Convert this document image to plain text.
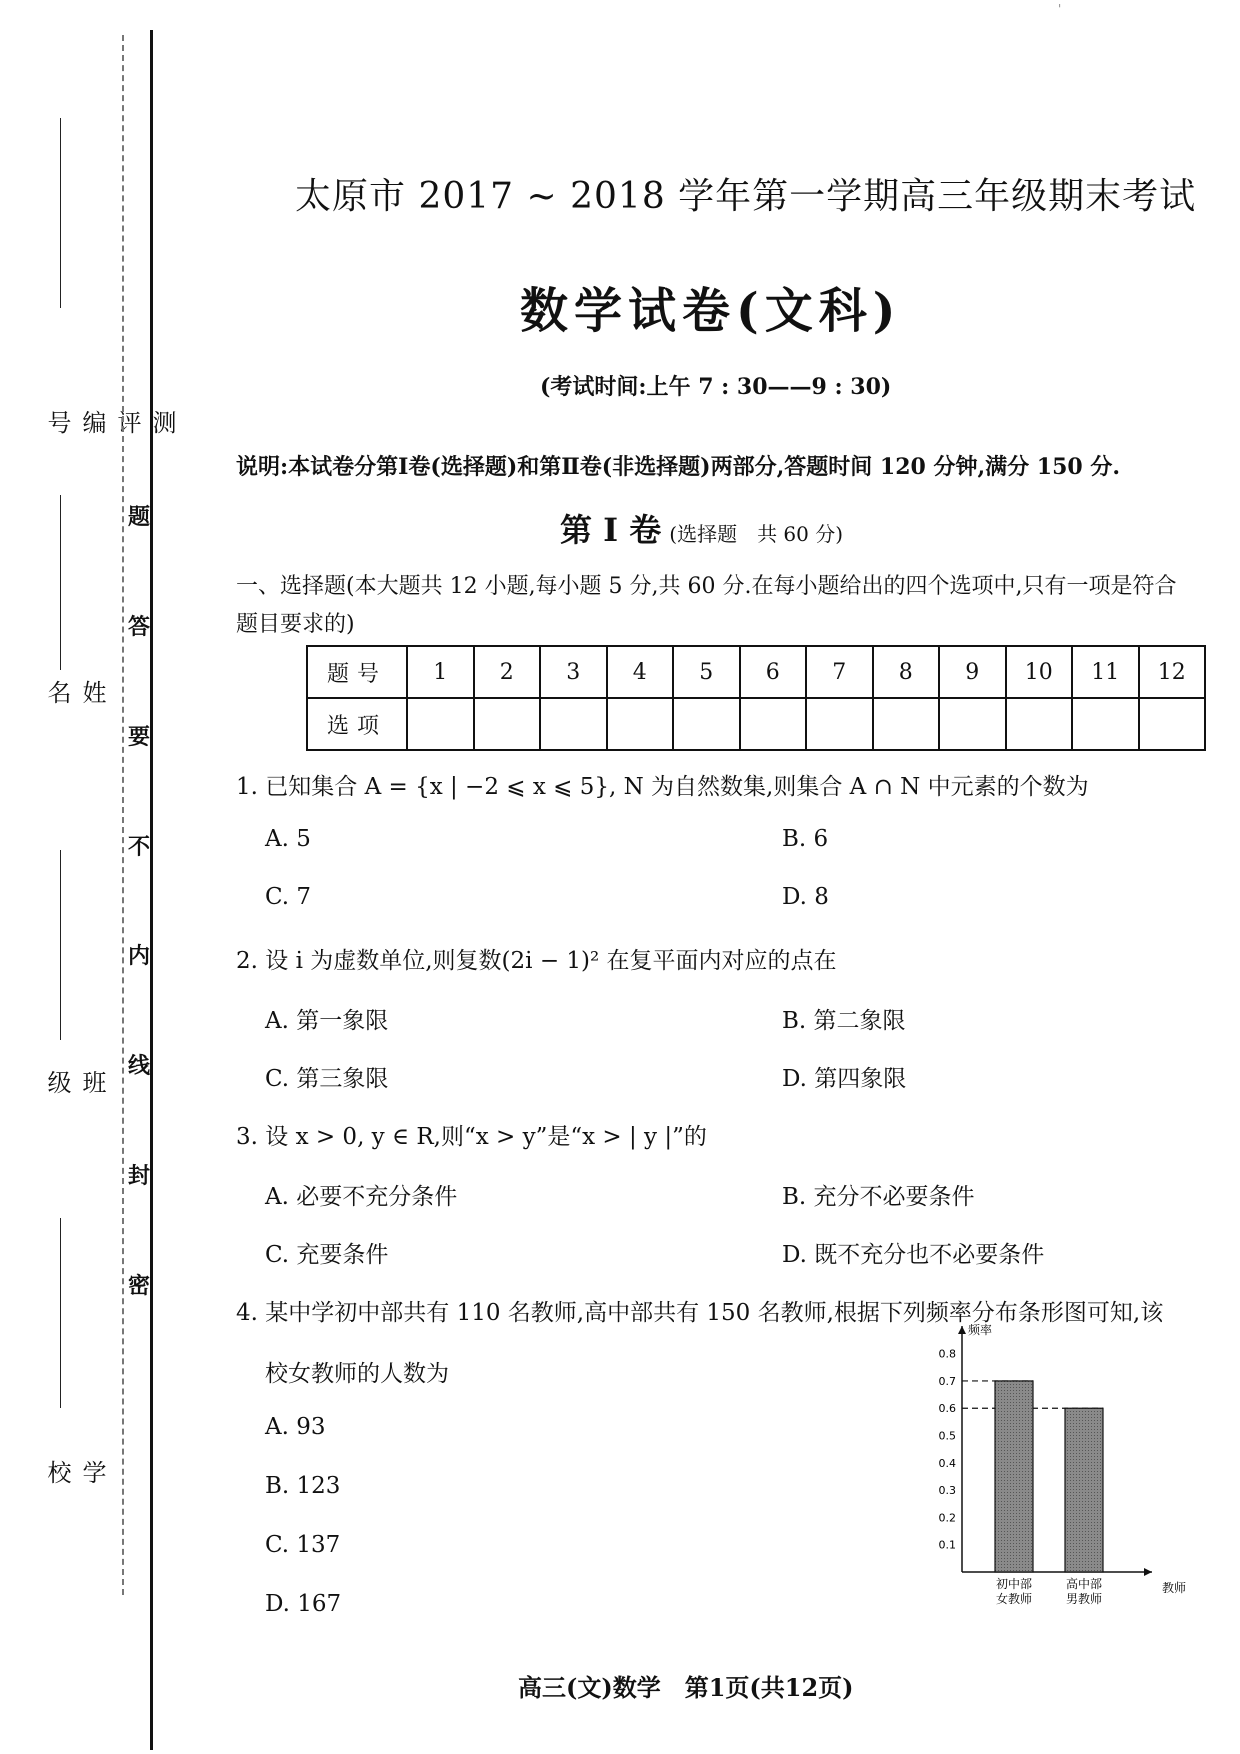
测评编号
姓名
班级
学校
题
答
要
不
内
线
封
密
'
太原市 2017 ~ 2018 学年第一学期高三年级期末考试
数学试卷(文科)
(考试时间:上午 7 : 30——9 : 30)
说明:本试卷分第Ⅰ卷(选择题)和第Ⅱ卷(非选择题)两部分,答题时间 120 分钟,满分 150 分.
第 Ⅰ 卷 (选择题　共 60 分)
一、选择题(本大题共 12 小题,每小题 5 分,共 60 分.在每小题给出的四个选项中,只有一项是符合题目要求的)
题号	1	2	3	4	5	6	7	8	9	10	11	12
选项												
1. 已知集合 A = {x | −2 ⩽ x ⩽ 5}, N 为自然数集,则集合 A ∩ N 中元素的个数为
A. 5	B. 6
C. 7	D. 8
2. 设 i 为虚数单位,则复数(2i − 1)² 在复平面内对应的点在
A. 第一象限	B. 第二象限
C. 第三象限	D. 第四象限
3. 设 x > 0, y ∈ R,则“x > y”是“x > | y |”的
A. 必要不充分条件	B. 充分不必要条件
C. 充要条件	D. 既不充分也不必要条件
4. 某中学初中部共有 110 名教师,高中部共有 150 名教师,根据下列频率分布条形图可知,该
校女教师的人数为
A. 93
B. 123
C. 137
D. 167
频率
0.1
0.2
0.3
0.4
0.5
0.6
0.7
0.8
初中部
女教师
高中部
男教师
教师
高三(文)数学　第1页(共12页)
